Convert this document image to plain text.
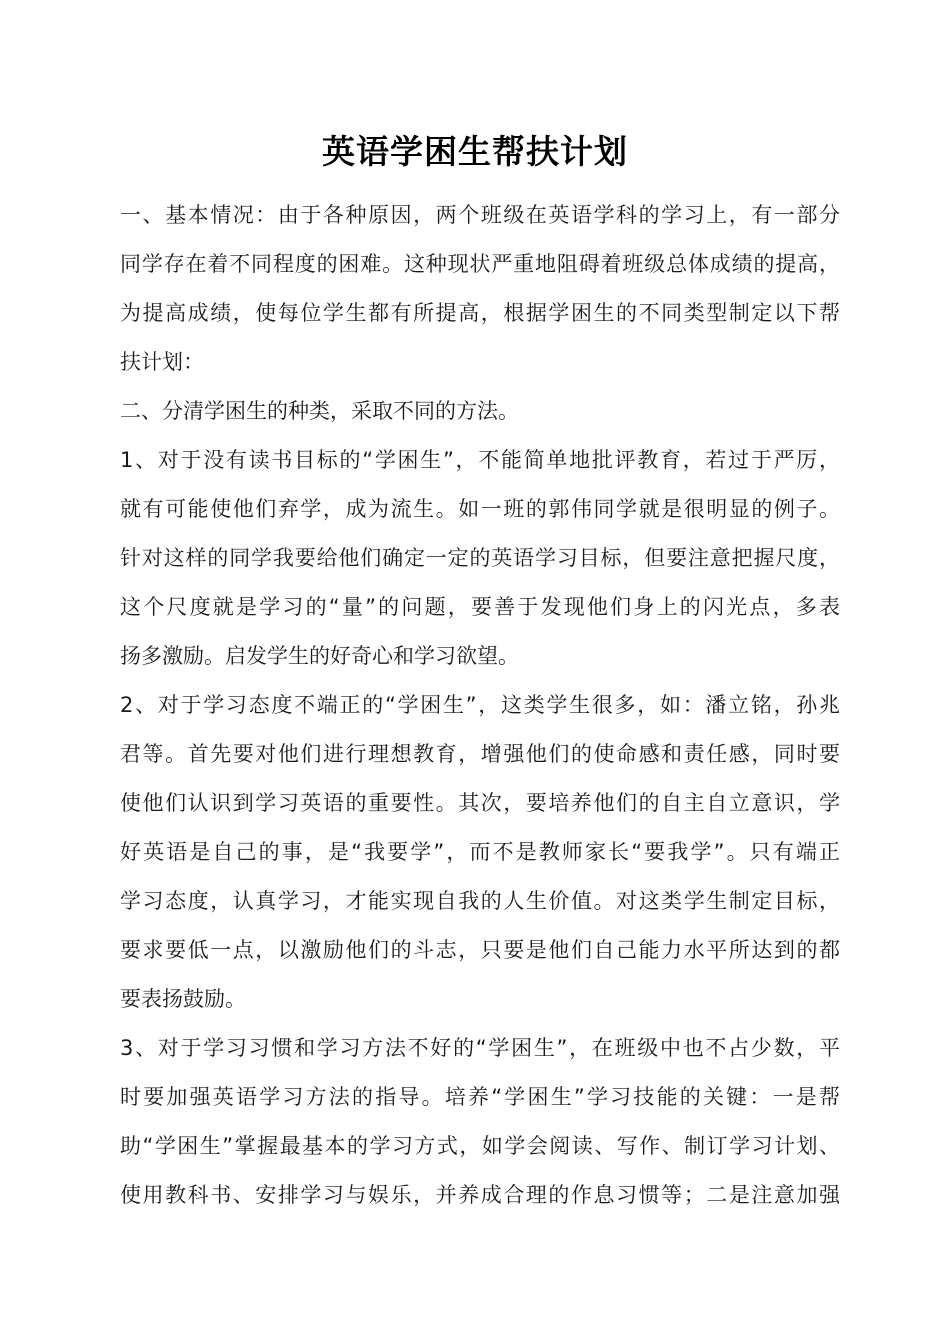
英语学困生帮扶计划
一、基本情况：由于各种原因，两个班级在英语学科的学习上，有一部分
同学存在着不同程度的困难。这种现状严重地阻碍着班级总体成绩的提高，
为提高成绩，使每位学生都有所提高，根据学困生的不同类型制定以下帮
扶计划：
二、分清学困生的种类，采取不同的方法。
1、对于没有读书目标的“学困生”，不能简单地批评教育，若过于严厉，
就有可能使他们弃学，成为流生。如一班的郭伟同学就是很明显的例子。
针对这样的同学我要给他们确定一定的英语学习目标，但要注意把握尺度，
这个尺度就是学习的“量”的问题，要善于发现他们身上的闪光点，多表
扬多激励。启发学生的好奇心和学习欲望。
2、对于学习态度不端正的“学困生”，这类学生很多，如：潘立铭，孙兆
君等。首先要对他们进行理想教育，增强他们的使命感和责任感，同时要
使他们认识到学习英语的重要性。其次，要培养他们的自主自立意识，学
好英语是自己的事，是“我要学”，而不是教师家长“要我学”。只有端正
学习态度，认真学习，才能实现自我的人生价值。对这类学生制定目标，
要求要低一点，以激励他们的斗志，只要是他们自己能力水平所达到的都
要表扬鼓励。
3、对于学习习惯和学习方法不好的“学困生”，在班级中也不占少数，平
时要加强英语学习方法的指导。培养“学困生”学习技能的关键：一是帮
助“学困生”掌握最基本的学习方式，如学会阅读、写作、制订学习计划、
使用教科书、安排学习与娱乐，并养成合理的作息习惯等；二是注意加强
